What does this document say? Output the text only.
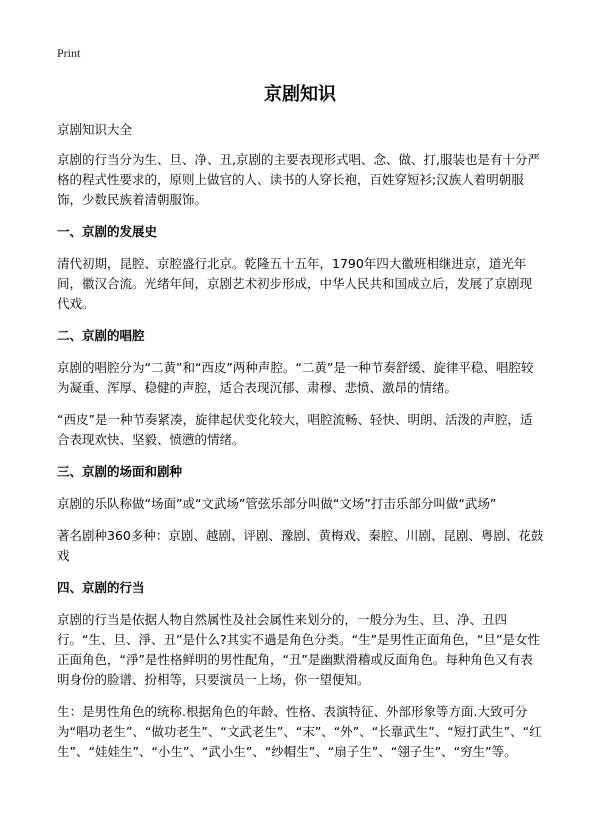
Print
京剧知识

京剧知识大全

京剧的行当分为生、旦、净、丑,京剧的主要表现形式唱、念、做、打,服装也是有十分严格的程式性要求的，原则上做官的人、读书的人穿长袍，百姓穿短衫;汉族人着明朝服饰，少数民族着清朝服饰。

一、京剧的发展史

清代初期，昆腔、京腔盛行北京。乾隆五十五年，1790年四大徽班相继进京，道光年间，徽汉合流。光绪年间，京剧艺术初步形成，中华人民共和国成立后，发展了京剧现代戏。

二、京剧的唱腔

京剧的唱腔分为“二黄”和“西皮”两种声腔。“二黄”是一种节奏舒缓、旋律平稳、唱腔较为凝重、浑厚、稳健的声腔，适合表现沉郁、肃穆、悲愤、激昂的情绪。

“西皮”是一种节奏紧凑，旋律起伏变化较大，唱腔流畅、轻快、明朗、活泼的声腔，适合表现欢快、坚毅、愤懑的情绪。

三、京剧的场面和剧种

京剧的乐队称做“场面”或“文武场”管弦乐部分叫做“文场”打击乐部分叫做“武场”

著名剧种360多种：京剧、越剧、评剧、豫剧、黄梅戏、秦腔、川剧、昆剧、粤剧、花鼓戏

四、京剧的行当

京剧的行当是依据人物自然属性及社会属性来划分的，一般分为生、旦、净、丑四行。“生、旦、淨、丑”是什么?其实不過是角色分类。“生”是男性正面角色，“旦”是女性正面角色，“淨”是性格鲜明的男性配角，“丑”是幽默滑稽或反面角色。每种角色又有表明身份的脸谱、扮相等，只要演员一上场，你一望便知。

生：是男性角色的统称.根据角色的年龄、性格、表演特征、外部形象等方面.大致可分为“唱功老生”、“做功老生”、“文武老生”、“末”、“外”、“长靠武生”、“短打武生”、“红生”、“娃娃生”、“小生”、“武小生”、“纱帽生”、“扇子生”、“翎子生”、“穷生”等。
